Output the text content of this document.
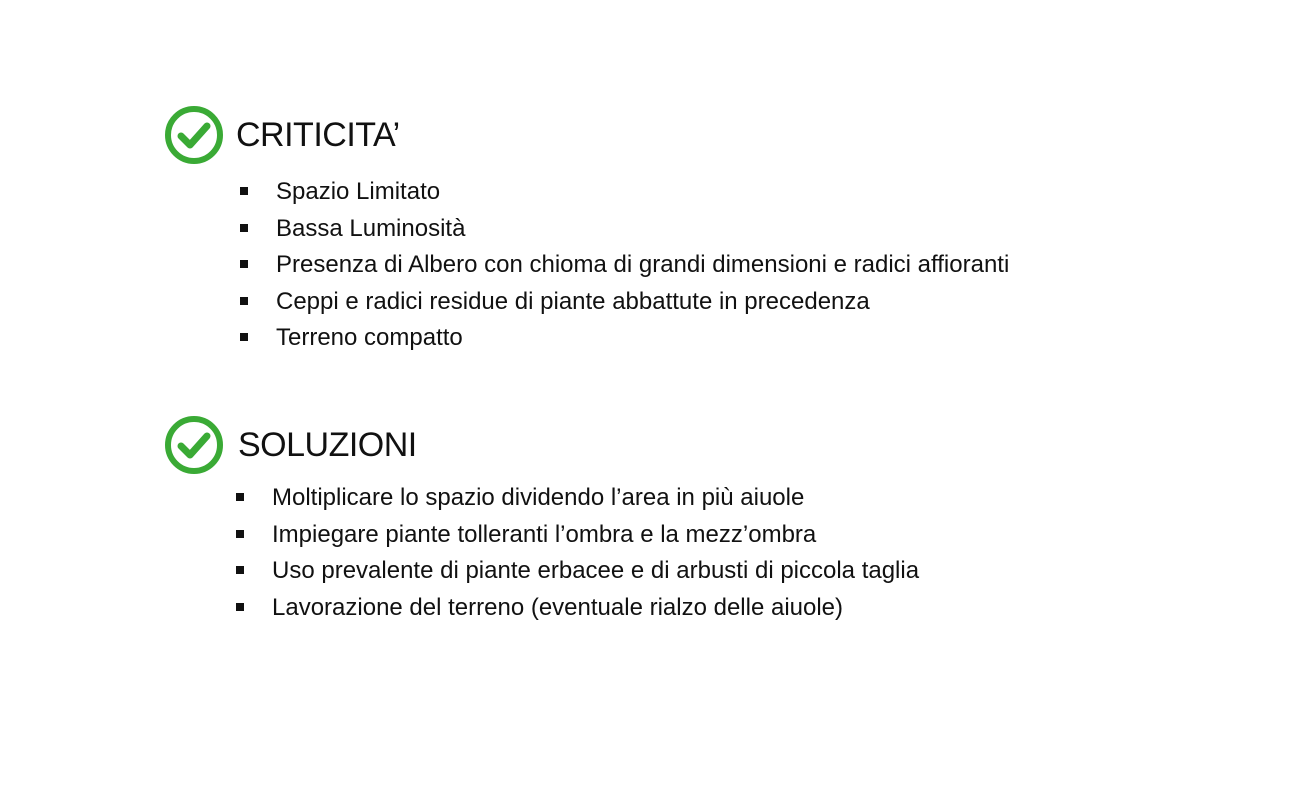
CRITICITA’
Spazio Limitato
Bassa Luminosità
Presenza di Albero con chioma di grandi dimensioni e radici affioranti
Ceppi e radici residue di piante abbattute in precedenza
Terreno compatto
SOLUZIONI
Moltiplicare lo spazio dividendo l’area in più aiuole
Impiegare piante tolleranti l’ombra e la mezz’ombra
Uso prevalente di piante erbacee e di arbusti di piccola taglia
Lavorazione del terreno (eventuale rialzo delle aiuole)
